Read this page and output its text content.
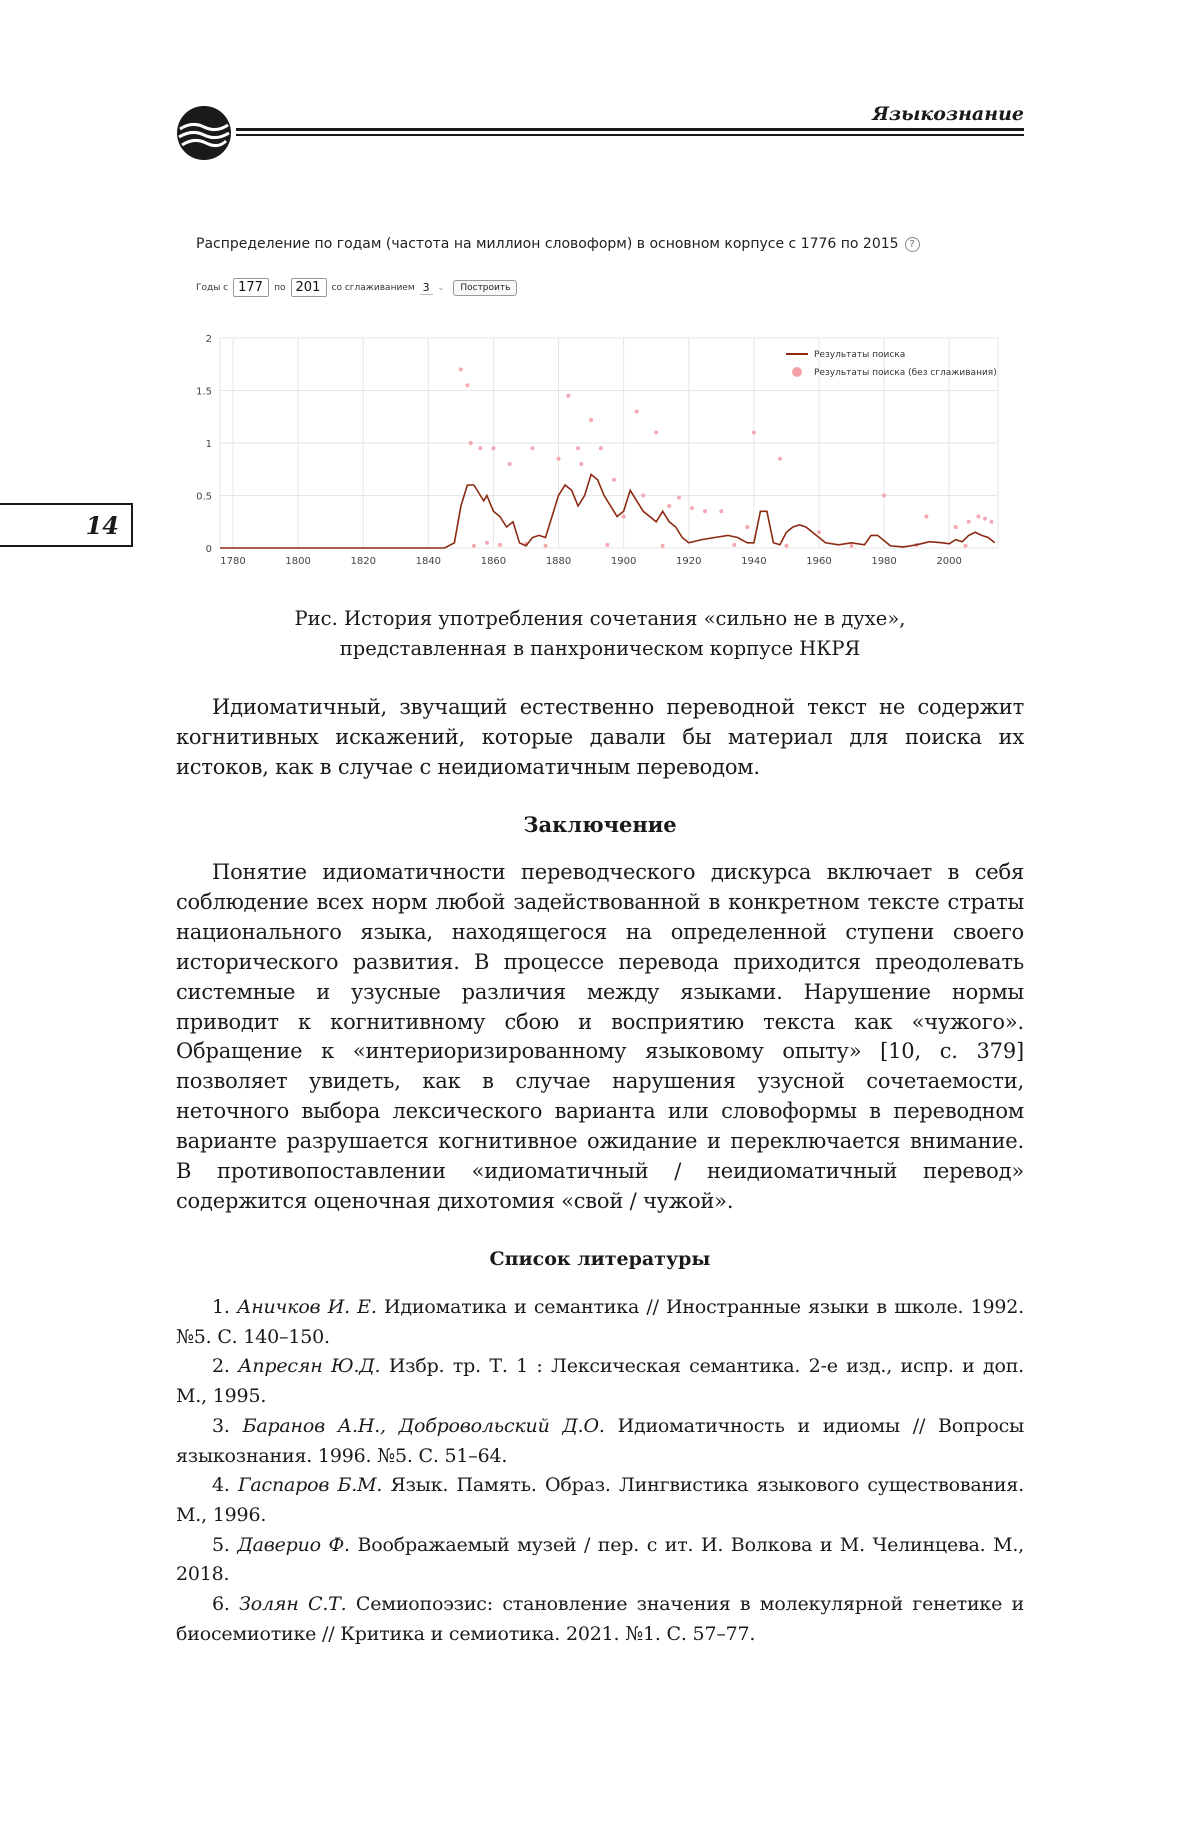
Языкознание
14
Распределение по годам (частота на миллион словоформ) в основном корпусе с 1776 по 2015 ?
Годы с 177	по 201	со сглаживанием 3	⌄	Построить
0
0.5
1
1.5
2
1780	1800	1820	1840	1860	1880	1900	1920	1940	1960	1980	2000
Результаты поиска
Результаты поиска (без сглаживания)
Рис. История употребления сочетания «сильно не в духе»,
представленная в панхроническом корпусе НКРЯ
Идиоматичный, звучащий естественно переводной текст не содержит когнитивных искажений, которые давали бы материал для поиска их истоков, как в случае с неидиоматичным переводом.
Заключение
Понятие идиоматичности переводческого дискурса включает в себя соблюдение всех норм любой задействованной в конкретном тексте страты национального языка, находящегося на определенной ступени своего исторического развития. В процессе перевода приходится преодолевать системные и узусные различия между языками. Нарушение нормы приводит к когнитивному сбою и восприятию текста как «чужого». Обращение к «интериоризированному языковому опыту» [10, с. 379] позволяет увидеть, как в случае нарушения узусной сочетаемости, неточного выбора лексического варианта или словоформы в переводном варианте разрушается когнитивное ожидание и переключается внимание. В противопоставлении «идиоматичный / неидиоматичный перевод» содержится оценочная дихотомия «свой / чужой».
Список литературы
1. Аничков И. Е. Идиоматика и семантика // Иностранные языки в школе. 1992. №5. С. 140–150.
2. Апресян Ю.Д. Избр. тр. Т. 1 : Лексическая семантика. 2-е изд., испр. и доп. М., 1995.
3. Баранов А.Н., Добровольский Д.О. Идиоматичность и идиомы // Вопросы языкознания. 1996. №5. С. 51–64.
4. Гаспаров Б.М. Язык. Память. Образ. Лингвистика языкового существования. М., 1996.
5. Даверио Ф. Воображаемый музей / пер. с ит. И. Волкова и М. Челинцева. М., 2018.
6. Золян С.Т. Семиопоэзис: становление значения в молекулярной генетике и биосемиотике // Критика и семиотика. 2021. №1. С. 57–77.
